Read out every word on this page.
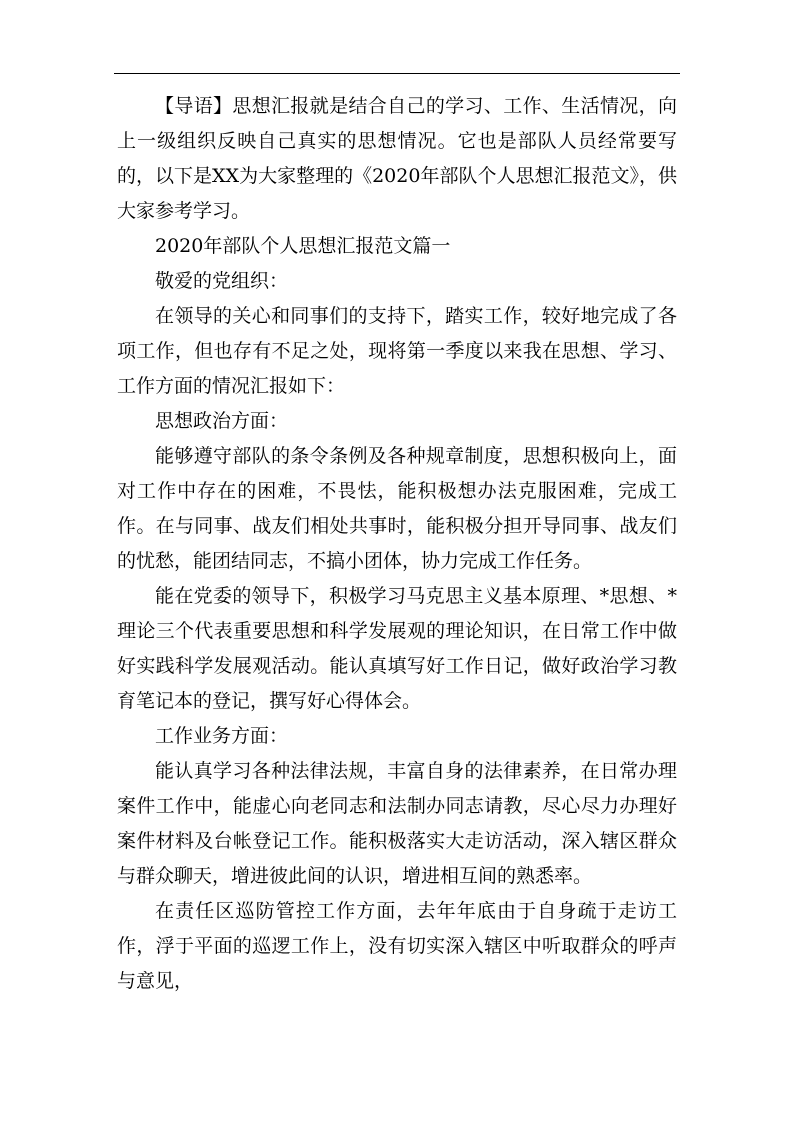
【导语】思想汇报就是结合自己的学习、工作、生活情况，向上一级组织反映自己真实的思想情况。它也是部队人员经常要写的，以下是XX为大家整理的《2020年部队个人思想汇报范文》，供大家参考学习。

2020年部队个人思想汇报范文篇一

敬爱的党组织：

在领导的关心和同事们的支持下，踏实工作，较好地完成了各项工作，但也存有不足之处，现将第一季度以来我在思想、学习、工作方面的情况汇报如下：

思想政治方面：

能够遵守部队的条令条例及各种规章制度，思想积极向上，面对工作中存在的困难，不畏怯，能积极想办法克服困难，完成工作。在与同事、战友们相处共事时，能积极分担开导同事、战友们的忧愁，能团结同志，不搞小团体，协力完成工作任务。

能在党委的领导下，积极学习马克思主义基本原理、*思想、*理论三个代表重要思想和科学发展观的理论知识，在日常工作中做好实践科学发展观活动。能认真填写好工作日记，做好政治学习教育笔记本的登记，撰写好心得体会。

工作业务方面：

能认真学习各种法律法规，丰富自身的法律素养，在日常办理案件工作中，能虚心向老同志和法制办同志请教，尽心尽力办理好案件材料及台帐登记工作。能积极落实大走访活动，深入辖区群众与群众聊天，增进彼此间的认识，增进相互间的熟悉率。

在责任区巡防管控工作方面，去年年底由于自身疏于走访工作，浮于平面的巡逻工作上，没有切实深入辖区中听取群众的呼声与意见，
